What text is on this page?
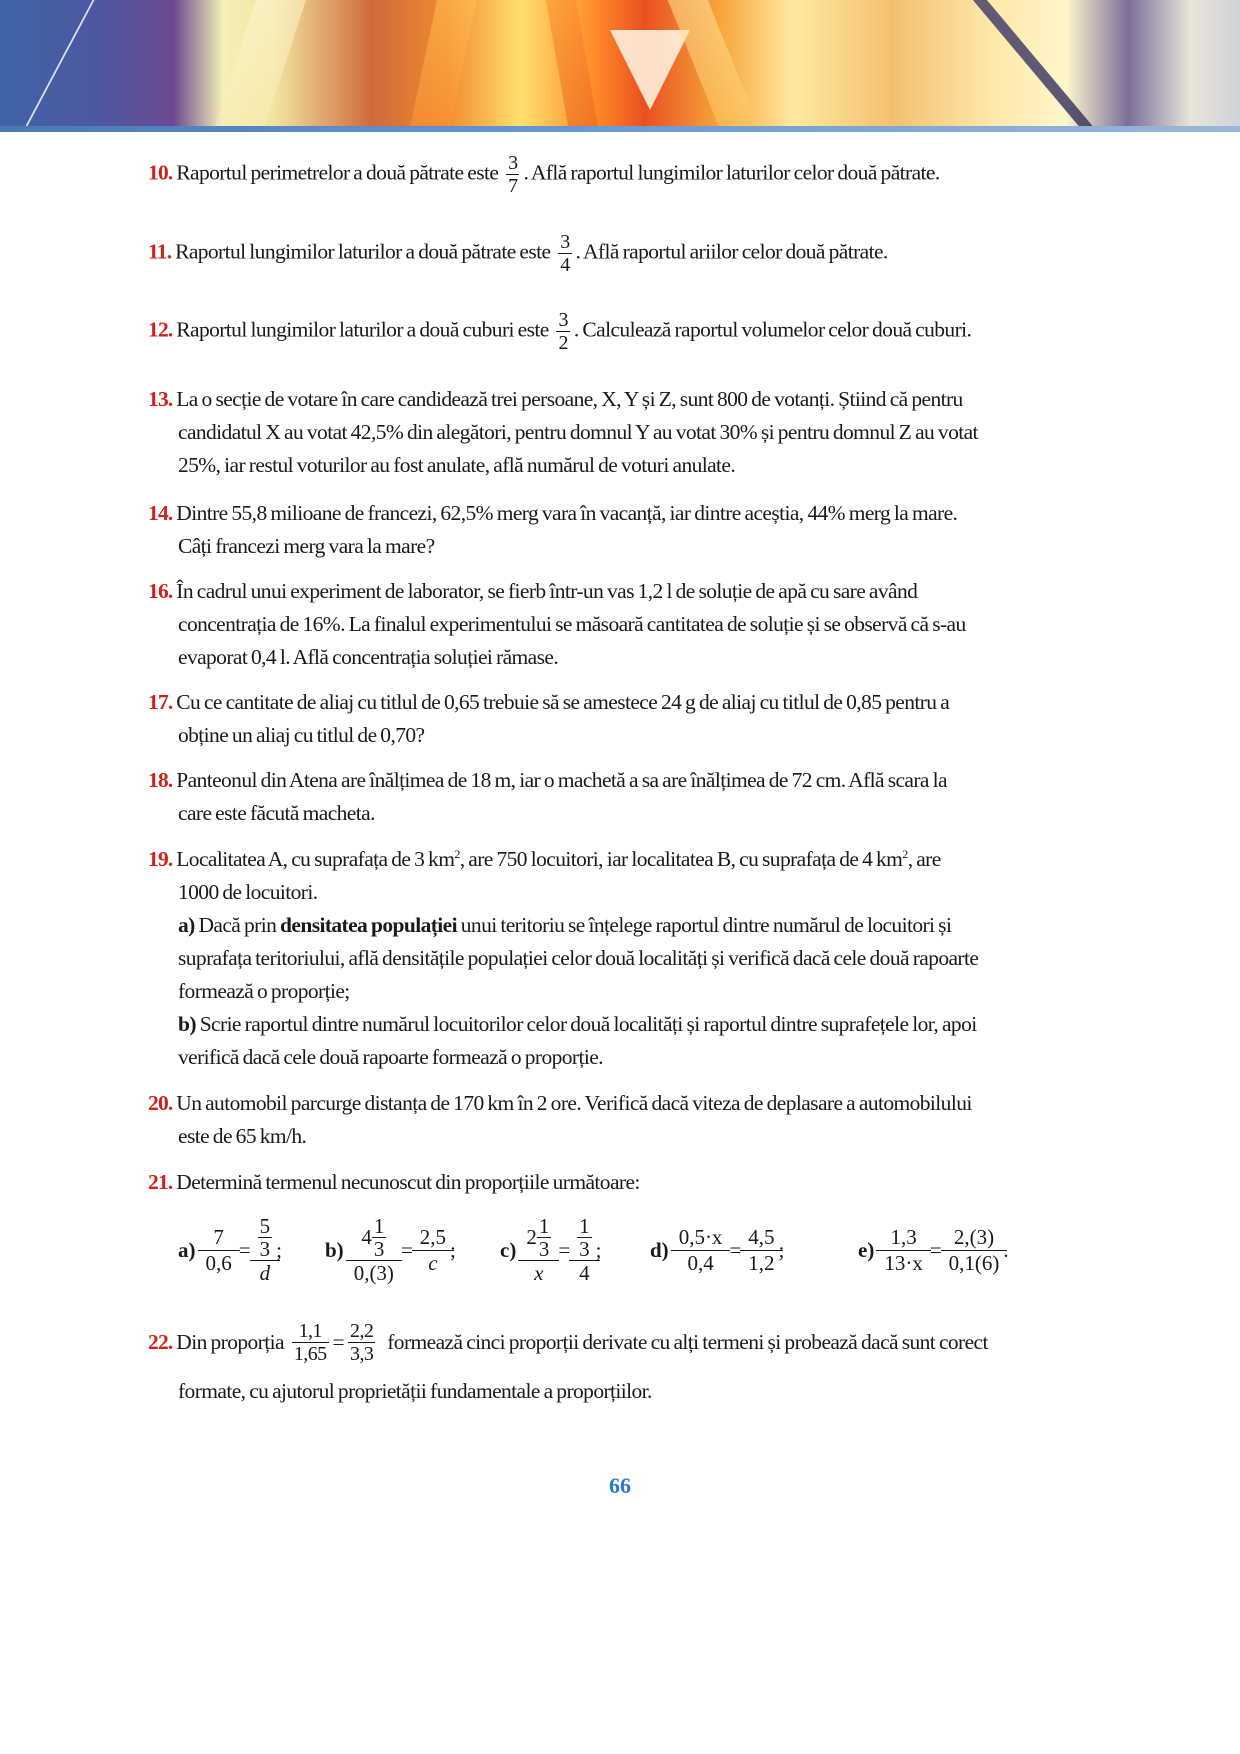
10. Raportul perimetrelor a două pătrate este $\frac{3}{7}$ . Află raportul lungimilor laturilor celor două pătrate.
11. Raportul lungimilor laturilor a două pătrate este $\frac{3}{4}$ . Află raportul ariilor celor două pătrate.
12. Raportul lungimilor laturilor a două cuburi este $\frac{3}{2}$ . Calculează raportul volumelor celor două cuburi.
13. La o secție de votare în care candidează trei persoane, X, Y și Z, sunt 800 de votanți. Știind că pentru
candidatul X au votat 42,5% din alegători, pentru domnul Y au votat 30% și pentru domnul Z au votat
25%, iar restul voturilor au fost anulate, află numărul de voturi anulate.
14. Dintre 55,8 milioane de francezi, 62,5% merg vara în vacanță, iar dintre aceștia, 44% merg la mare.
Câți francezi merg vara la mare?
16. În cadrul unui experiment de laborator, se fierb într-un vas 1,2 l de soluție de apă cu sare având
concentrația de 16%. La finalul experimentului se măsoară cantitatea de soluție și se observă că s-au
evaporat 0,4 l. Află concentrația soluției rămase.
17. Cu ce cantitate de aliaj cu titlul de 0,65 trebuie să se amestece 24 g de aliaj cu titlul de 0,85 pentru a
obține un aliaj cu titlul de 0,70?
18. Panteonul din Atena are înălțimea de 18 m, iar o machetă a sa are înălțimea de 72 cm. Află scara la
care este făcută macheta.
19. Localitatea A, cu suprafața de 3 $km^2$, are 750 locuitori, iar localitatea B, cu suprafața de 4 $km^2$, are
1000 de locuitori.
a) Dacă prin densitatea populației unui teritoriu se înțelege raportul dintre numărul de locuitori și
suprafața teritoriului, află densitățile populației celor două localități și verifică dacă cele două rapoarte
formează o proporție;
b) Scrie raportul dintre numărul locuitorilor celor două localități și raportul dintre suprafețele lor, apoi
verifică dacă cele două rapoarte formează o proporție.
20. Un automobil parcurge distanța de 170 km în 2 ore. Verifică dacă viteza de deplasare a automobilului
este de 65 km/h.
21. Determină termenul necunoscut din proporțiile următoare:
$a) \frac{7}{0,6} = \frac{\frac{5}{3}}{d}$ ; $b) \frac{4 \frac{1}{3}}{0,(3)} = \frac{2,5}{c}$ ; $c) \frac{2 \frac{1}{3}}{x} = \frac{\frac{1}{3}}{4}$ ; $d) \frac{0,5\cdot x}{0,4} = \frac{4,5}{1,2}$ ;	$e) \frac{1,3}{13\cdot x} = \frac{2,(3)}{0,1(6)}$ .
22.
Din proporția $\frac{1,1}{1,65} = \frac{2,2}{3,3}$ formează cinci proporții derivate cu alți termeni și probează dacă sunt corect
formate, cu ajutorul proprietății fundamentale a proporțiilor.
66
